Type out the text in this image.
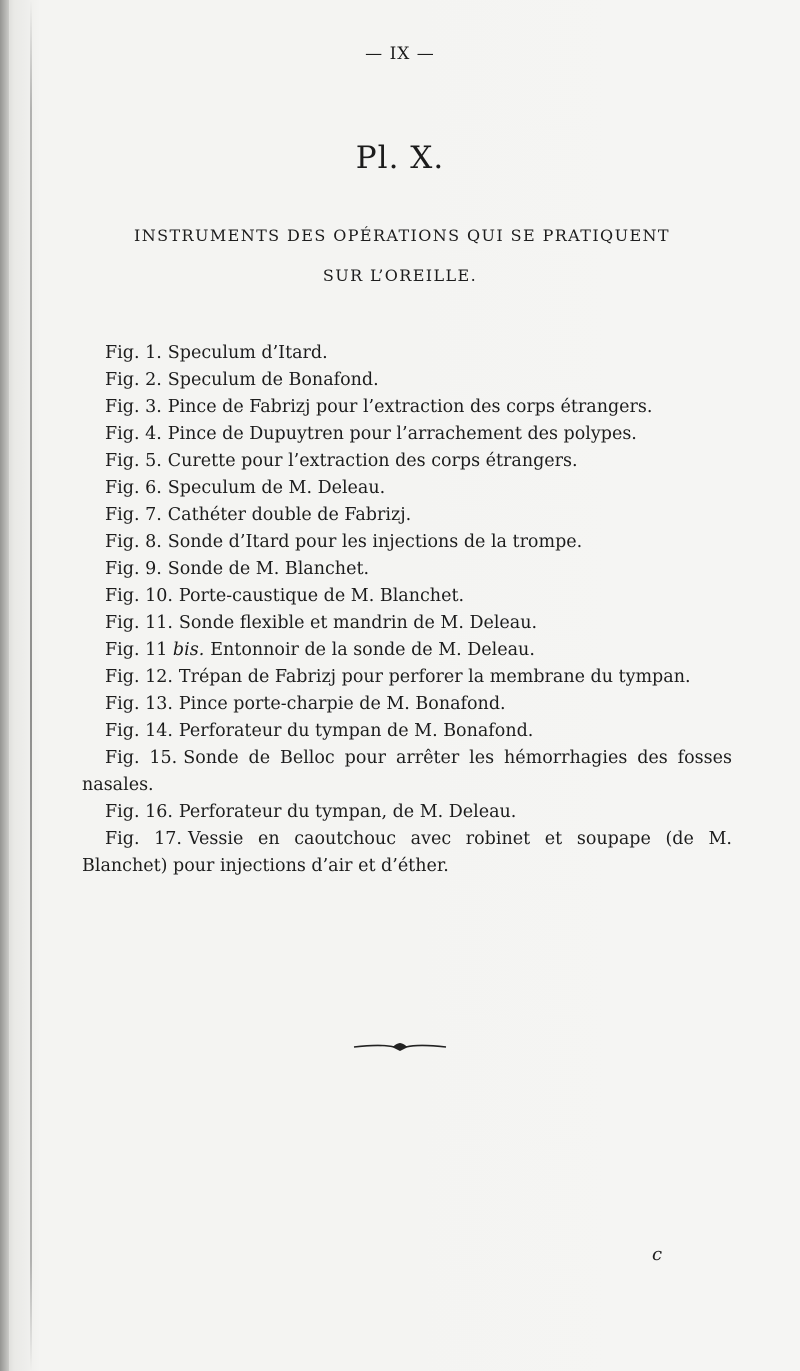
— IX —
Pl. X.
INSTRUMENTS DES OPÉRATIONS QUI SE PRATIQUENT
SUR L’OREILLE.

Fig. 1. Speculum d’Itard.

Fig. 2. Speculum de Bonafond.

Fig. 3. Pince de Fabrizj pour l’extraction des corps étrangers.

Fig. 4. Pince de Dupuytren pour l’arrachement des polypes.

Fig. 5. Curette pour l’extraction des corps étrangers.

Fig. 6. Speculum de M. Deleau.

Fig. 7. Cathéter double de Fabrizj.

Fig. 8. Sonde d’Itard pour les injections de la trompe.

Fig. 9. Sonde de M. Blanchet.

Fig. 10. Porte-caustique de M. Blanchet.

Fig. 11. Sonde flexible et mandrin de M. Deleau.

Fig. 11 bis. Entonnoir de la sonde de M. Deleau.

Fig. 12. Trépan de Fabrizj pour perforer la membrane du tympan.

Fig. 13. Pince porte-charpie de M. Bonafond.

Fig. 14. Perforateur du tympan de M. Bonafond.

Fig. 15. Sonde de Belloc pour arrêter les hémorrhagies des fosses nasales.

Fig. 16. Perforateur du tympan, de M. Deleau.

Fig. 17. Vessie en caoutchouc avec robinet et soupape (de M. Blanchet) pour injections d’air et d’éther.

c
